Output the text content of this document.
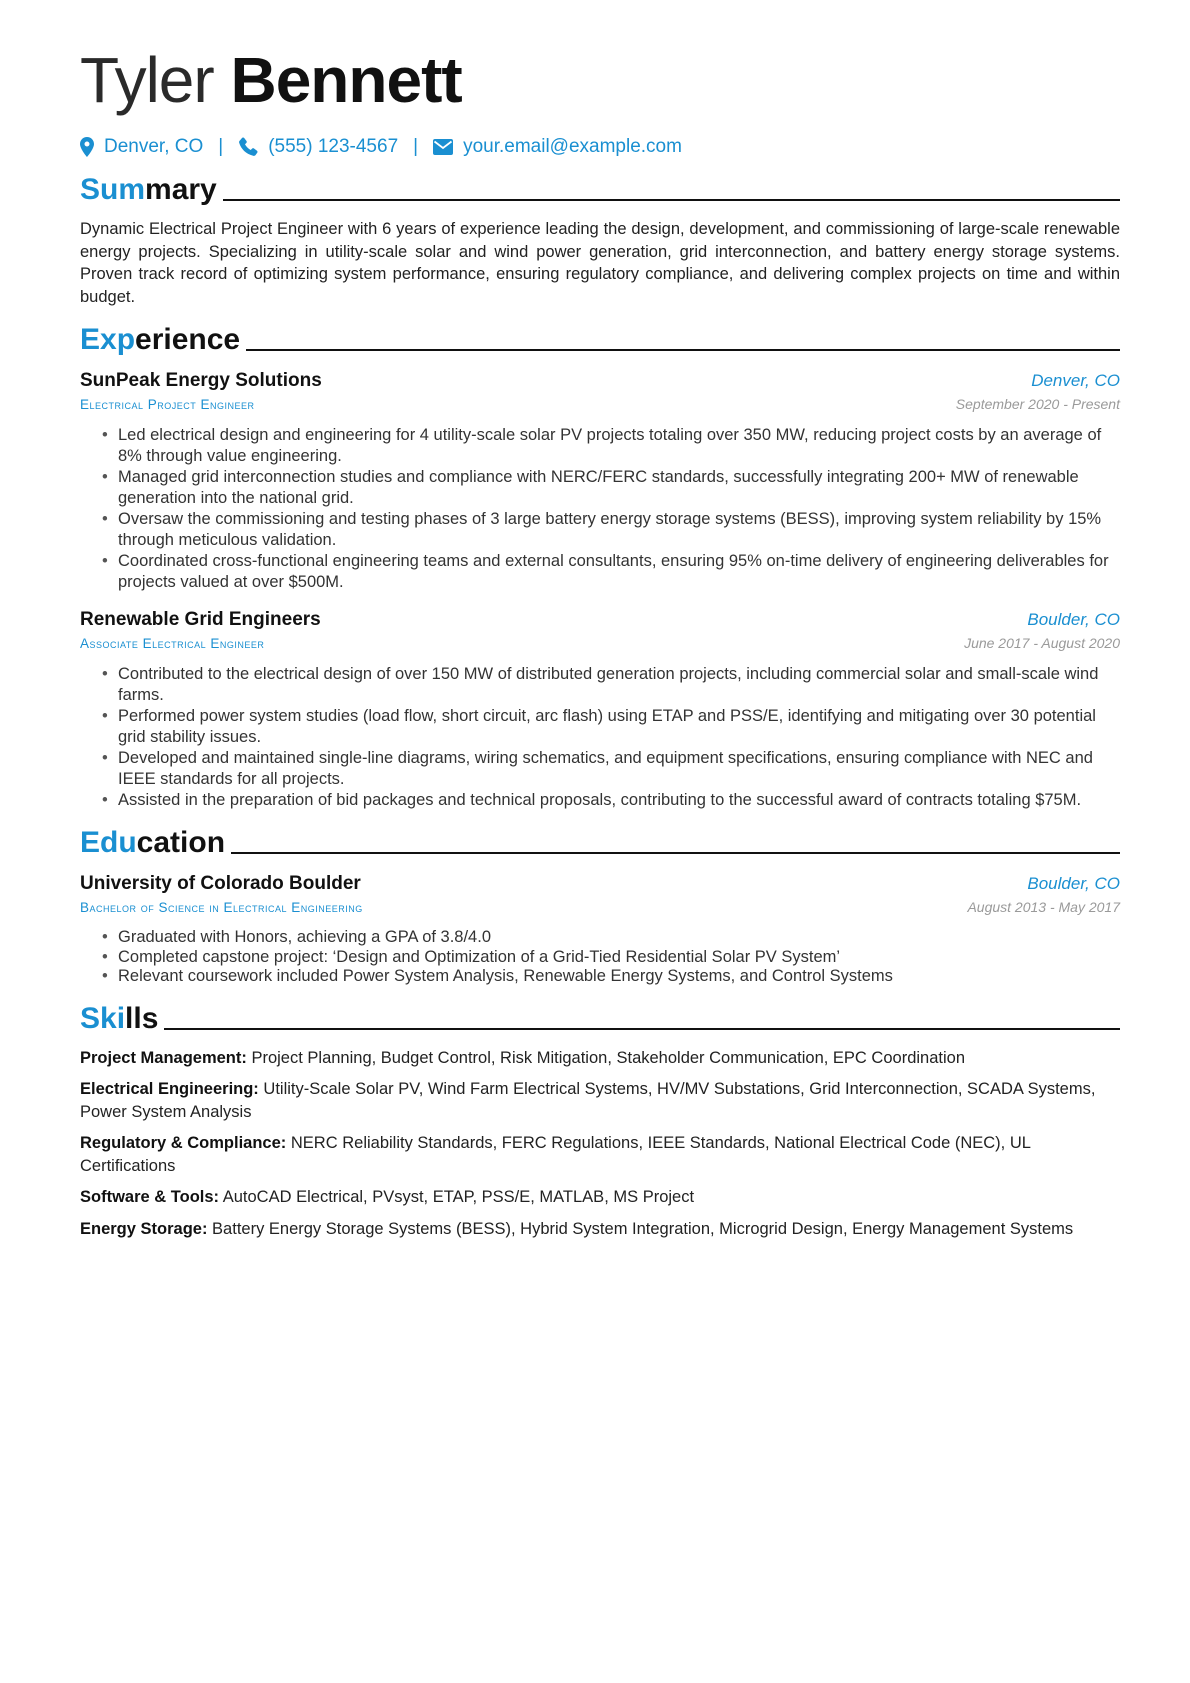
Tyler Bennett
Denver, CO | (555) 123-4567 | your.email@example.com
Summary

Dynamic Electrical Project Engineer with 6 years of experience leading the design, development, and commissioning of large-scale renewable energy projects. Specializing in utility-scale solar and wind power generation, grid interconnection, and battery energy storage systems. Proven track record of optimizing system performance, ensuring regulatory compliance, and delivering complex projects on time and within budget.

Experience
SunPeak Energy Solutions	Denver, CO
Electrical Project Engineer	September 2020 - Present
• Led electrical design and engineering for 4 utility-scale solar PV projects totaling over 350 MW, reducing project costs by an average of 8% through value engineering.
• Managed grid interconnection studies and compliance with NERC/FERC standards, successfully integrating 200+ MW of renewable generation into the national grid.
• Oversaw the commissioning and testing phases of 3 large battery energy storage systems (BESS), improving system reliability by 15% through meticulous validation.
• Coordinated cross-functional engineering teams and external consultants, ensuring 95% on-time delivery of engineering deliverables for projects valued at over $500M.
Renewable Grid Engineers	Boulder, CO
Associate Electrical Engineer	June 2017 - August 2020
• Contributed to the electrical design of over 150 MW of distributed generation projects, including commercial solar and small-scale wind farms.
• Performed power system studies (load flow, short circuit, arc flash) using ETAP and PSS/E, identifying and mitigating over 30 potential grid stability issues.
• Developed and maintained single-line diagrams, wiring schematics, and equipment specifications, ensuring compliance with NEC and IEEE standards for all projects.
• Assisted in the preparation of bid packages and technical proposals, contributing to the successful award of contracts totaling $75M.
Education
University of Colorado Boulder	Boulder, CO
Bachelor of Science in Electrical Engineering	August 2013 - May 2017
• Graduated with Honors, achieving a GPA of 3.8/4.0
• Completed capstone project: ‘Design and Optimization of a Grid-Tied Residential Solar PV System’
• Relevant coursework included Power System Analysis, Renewable Energy Systems, and Control Systems
Skills
Project Management: Project Planning, Budget Control, Risk Mitigation, Stakeholder Communication, EPC Coordination
Electrical Engineering: Utility-Scale Solar PV, Wind Farm Electrical Systems, HV/MV Substations, Grid Interconnection, SCADA Systems, Power System Analysis
Regulatory & Compliance: NERC Reliability Standards, FERC Regulations, IEEE Standards, National Electrical Code (NEC), UL Certifications
Software & Tools: AutoCAD Electrical, PVsyst, ETAP, PSS/E, MATLAB, MS Project
Energy Storage: Battery Energy Storage Systems (BESS), Hybrid System Integration, Microgrid Design, Energy Management Systems
